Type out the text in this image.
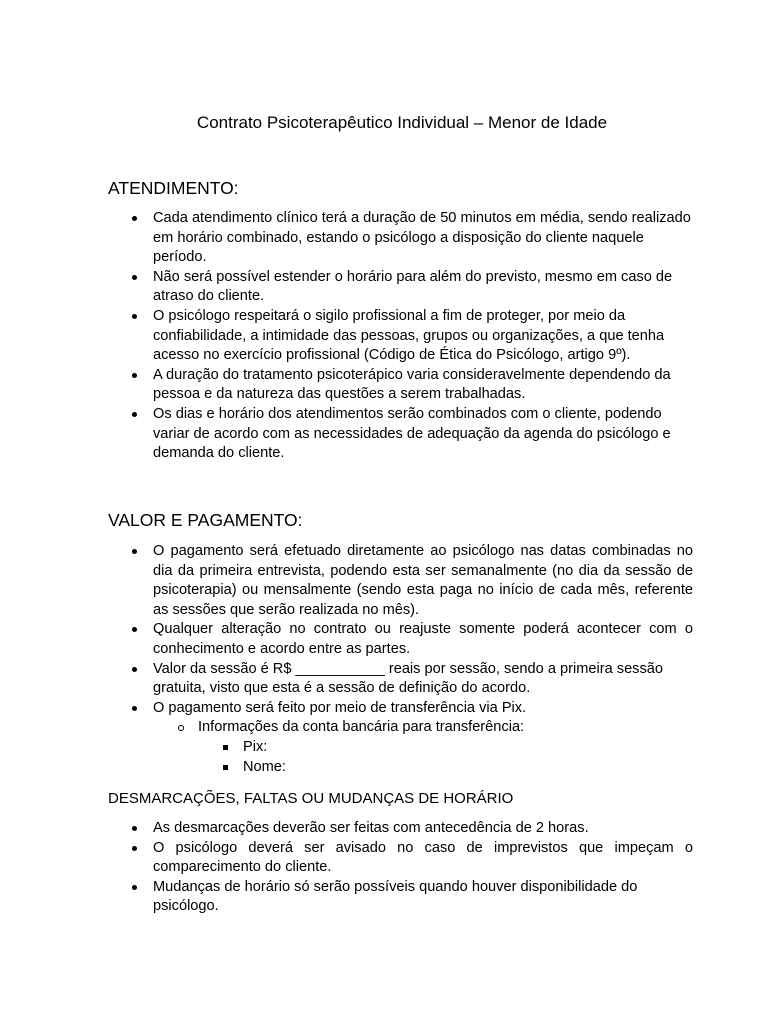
Contrato Psicoterapêutico Individual – Menor de Idade
ATENDIMENTO:
Cada atendimento clínico terá a duração de 50 minutos em média, sendo realizado em horário combinado, estando o psicólogo a disposição do cliente naquele período.
Não será possível estender o horário para além do previsto, mesmo em caso de atraso do cliente.
O psicólogo respeitará o sigilo profissional a fim de proteger, por meio da confiabilidade, a intimidade das pessoas, grupos ou organizações, a que tenha acesso no exercício profissional (Código de Ética do Psicólogo, artigo 9º).
A duração do tratamento psicoterápico varia consideravelmente dependendo da pessoa e da natureza das questões a serem trabalhadas.
Os dias e horário dos atendimentos serão combinados com o cliente, podendo variar de acordo com as necessidades de adequação da agenda do psicólogo e demanda do cliente.
VALOR E PAGAMENTO:
O pagamento será efetuado diretamente ao psicólogo nas datas combinadas no dia da primeira entrevista, podendo esta ser semanalmente (no dia da sessão de psicoterapia) ou mensalmente (sendo esta paga no início de cada mês, referente as sessões que serão realizada no mês).
Qualquer alteração no contrato ou reajuste somente poderá acontecer com o conhecimento e acordo entre as partes.
Valor da sessão é R$ ___________ reais por sessão, sendo a primeira sessão gratuita, visto que esta é a sessão de definição do acordo.
O pagamento será feito por meio de transferência via Pix.
Informações da conta bancária para transferência:
Pix:
Nome:
DESMARCAÇÕES, FALTAS OU MUDANÇAS DE HORÁRIO
As desmarcações deverão ser feitas com antecedência de 2 horas.
O psicólogo deverá ser avisado no caso de imprevistos que impeçam o comparecimento do cliente.
Mudanças de horário só serão possíveis quando houver disponibilidade do psicólogo.
